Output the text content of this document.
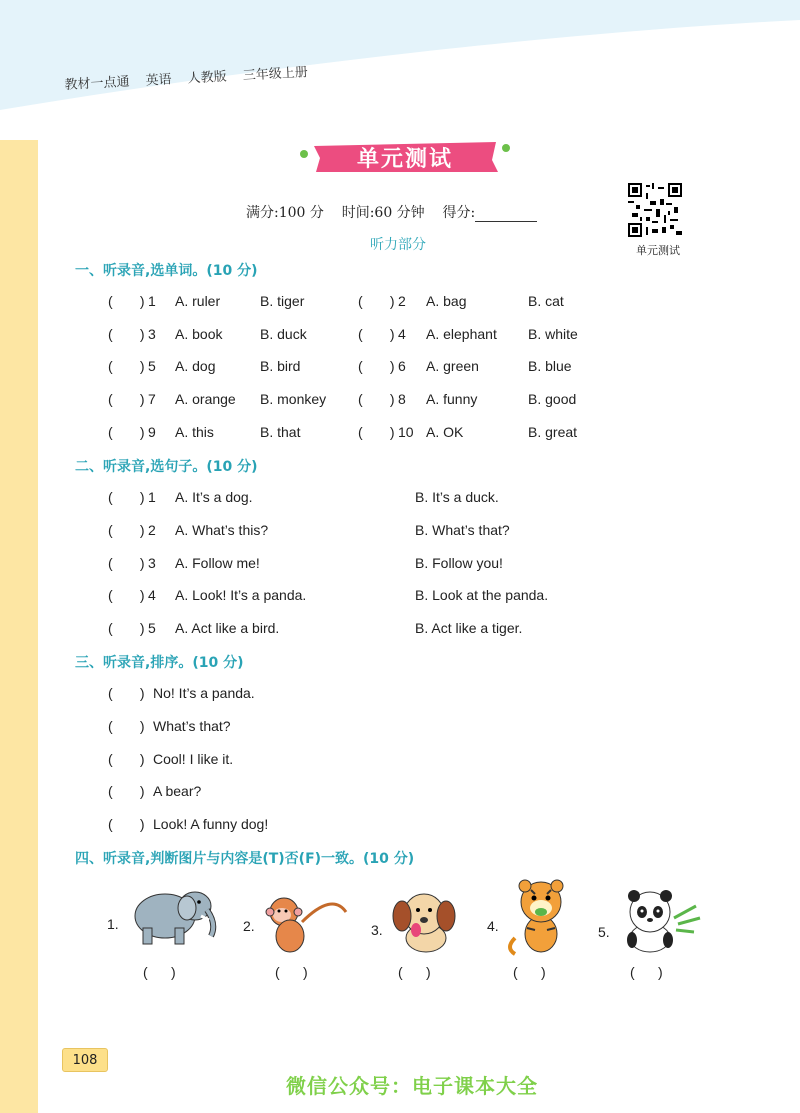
教材一点通 英语 人教版 三年级上册
单元测试
满分:100 分 时间:60 分钟 得分:
单元测试
听力部分
一、听录音,选单词。(10 分)
(       ) 1 A. ruler	B. tiger	(       ) 2 A. bag	B. cat
(       ) 3 A. book	B. duck	(       ) 4 A. elephant B. white
(       ) 5 A. dog	B. bird	(       ) 6 A. green	B. blue
(       ) 7 A. orange B. monkey (       ) 8 A. funny	B. good
(       ) 9 A. this	B. that	(       ) 10 A. OK	B. great
二、听录音,选句子。(10 分)
(       ) 1 A. It’s a dog.	B. It’s a duck.
(       ) 2 A. What’s this?	B. What’s that?
(       ) 3 A. Follow me!	B. Follow you!
(       ) 4 A. Look! It’s a panda.	B. Look at the panda.
(       ) 5 A. Act like a bird.	B. Act like a tiger.
三、听录音,排序。(10 分)
(       ) No! It’s a panda.
(       ) What’s that?
(       ) Cool! I like it.
(       ) A bear?
(       ) Look! A funny dog!
四、听录音,判断图片与内容是(T)否(F)一致。(10 分)
1.
(      )
2.
(      )
3.
(      )
4.
(      )
5.
(      )
108
微信公众号：电子课本大全
